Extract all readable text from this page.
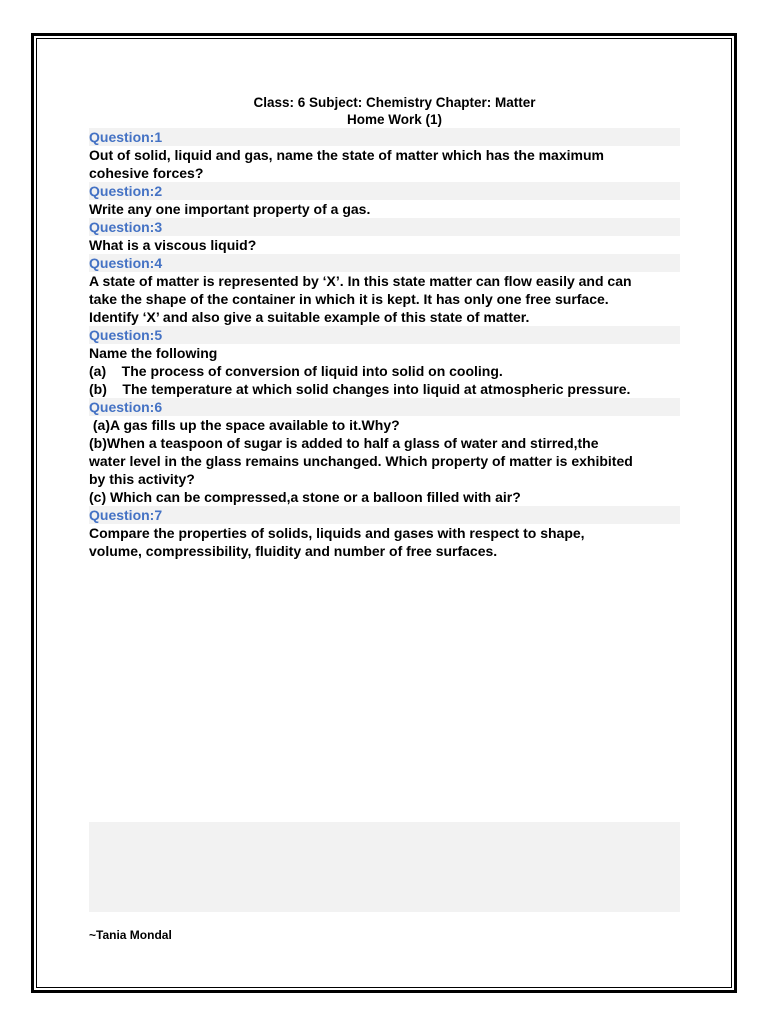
Class: 6 Subject: Chemistry Chapter: Matter
Home Work (1)
Question:1
Out of solid, liquid and gas, name the state of matter which has the maximum
cohesive forces?
Question:2
Write any one important property of a gas.
Question:3
What is a viscous liquid?
Question:4
A state of matter is represented by ‘X’. In this state matter can flow easily and can
take the shape of the container in which it is kept. It has only one free surface.
Identify ‘X’ and also give a suitable example of this state of matter.
Question:5
Name the following
(a)    The process of conversion of liquid into solid on cooling.
(b)    The temperature at which solid changes into liquid at atmospheric pressure.
Question:6
(a)A gas fills up the space available to it.Why?
(b)When a teaspoon of sugar is added to half a glass of water and stirred,the
water level in the glass remains unchanged. Which property of matter is exhibited
by this activity?
(c) Which can be compressed,a stone or a balloon filled with air?
Question:7
Compare the properties of solids, liquids and gases with respect to shape,
volume, compressibility, fluidity and number of free surfaces.
~Tania Mondal
